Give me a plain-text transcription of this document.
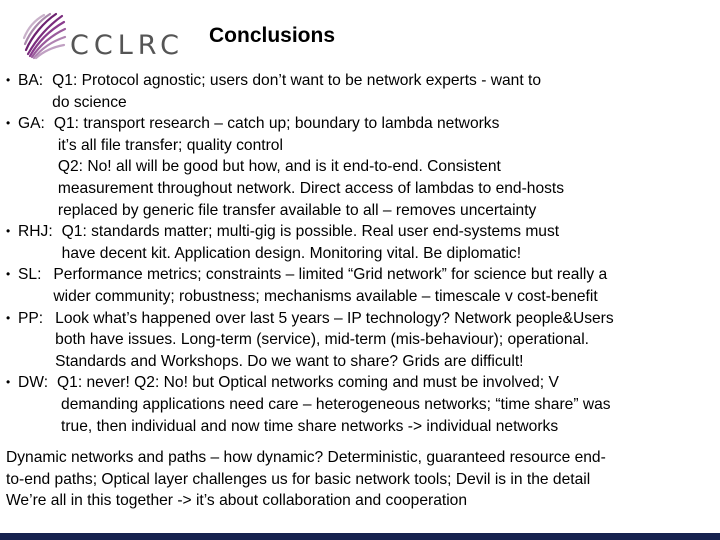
CCLRC Conclusions
• BA: Q1: Protocol agnostic; users don’t want to be network experts - want to
do science
• GA: Q1: transport research – catch up; boundary to lambda networks
it’s all file transfer; quality control
Q2: No! all will be good but how, and is it end-to-end. Consistent
measurement throughout network. Direct access of lambdas to end-hosts
replaced by generic file transfer available to all – removes uncertainty
• RHJ: Q1: standards matter; multi-gig is possible. Real user end-systems must
have decent kit. Application design. Monitoring vital. Be diplomatic!
• SL: Performance metrics; constraints – limited “Grid network” for science but really a
wider community; robustness; mechanisms available – timescale v cost-benefit
• PP: Look what’s happened over last 5 years – IP technology? Network people&Users
both have issues. Long-term (service), mid-term (mis-behaviour); operational.
Standards and Workshops. Do we want to share? Grids are difficult!
• DW: Q1: never! Q2: No! but Optical networks coming and must be involved; V
demanding applications need care – heterogeneous networks; “time share” was
true, then individual and now time share networks -> individual networks
Dynamic networks and paths – how dynamic? Deterministic, guaranteed resource end-
to-end paths; Optical layer challenges us for basic network tools; Devil is in the detail
We’re all in this together -> it’s about collaboration and cooperation
